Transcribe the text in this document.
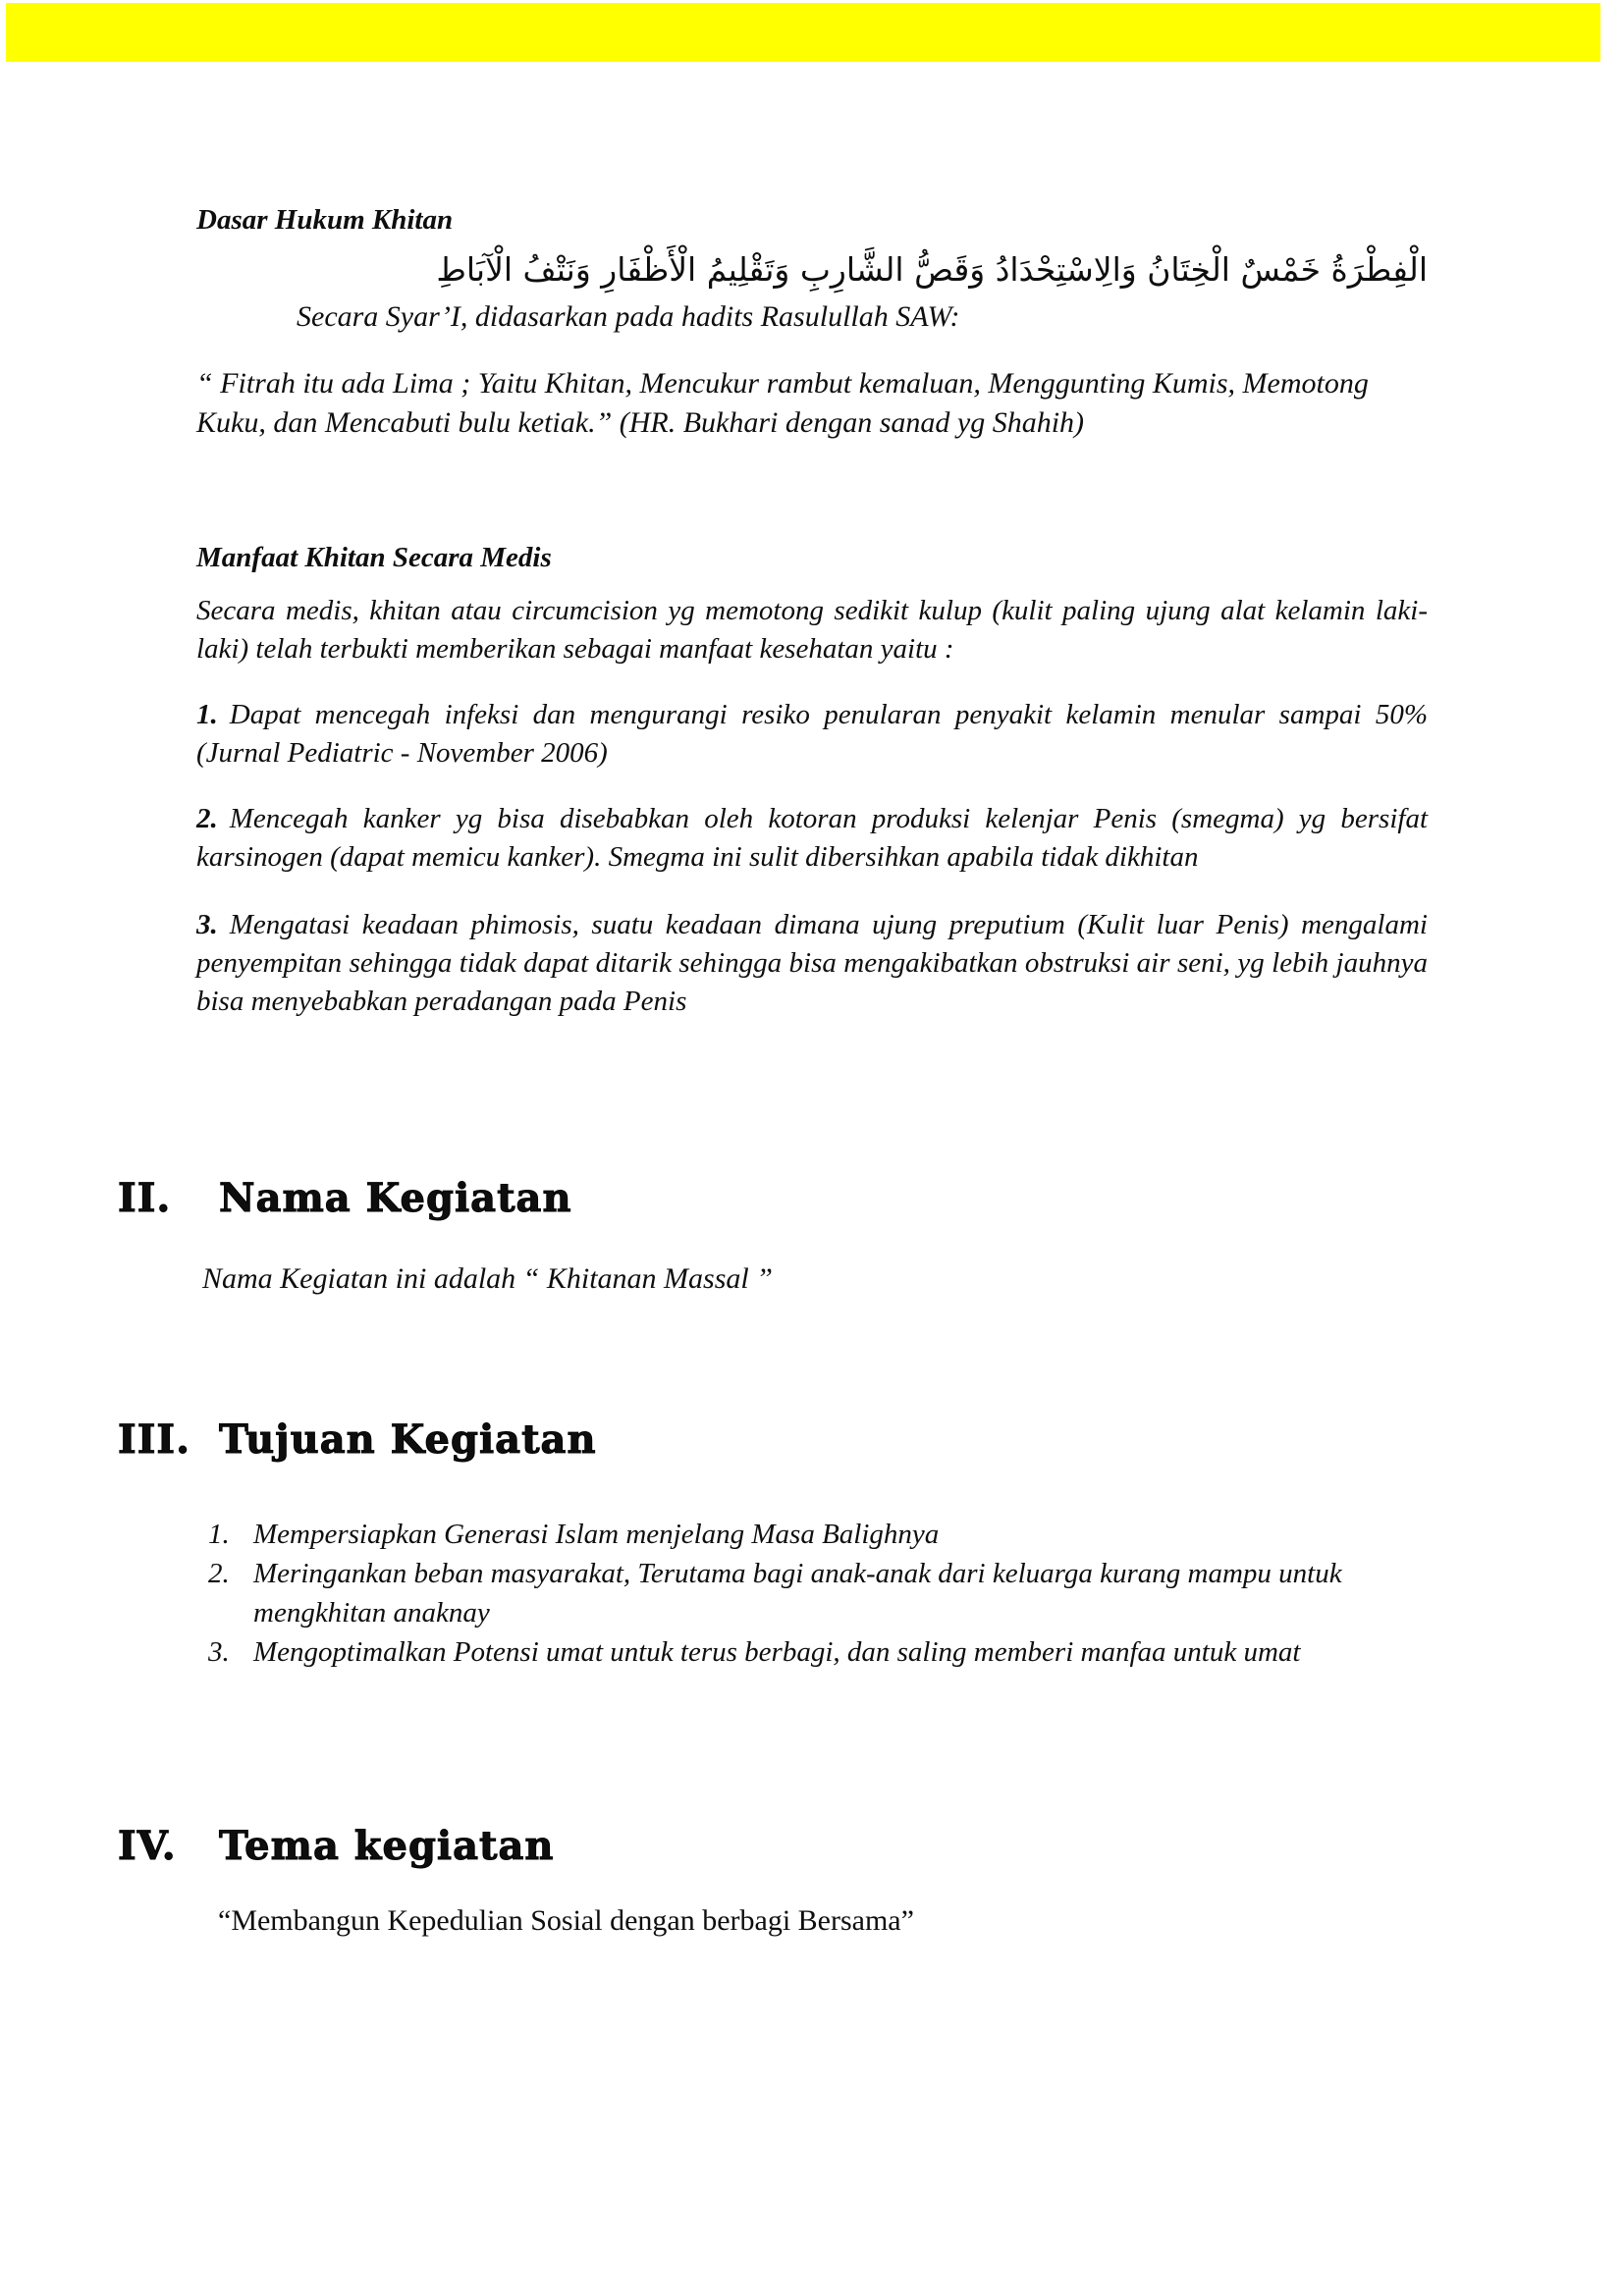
Dasar Hukum Khitan

الْفِطْرَةُ خَمْسٌ الْخِتَانُ وَالِاسْتِحْدَادُ وَقَصُّ الشَّارِبِ وَتَقْلِيمُ الْأَظْفَارِ وَنَتْفُ الْآبَاطِ

Secara Syar’I, didasarkan pada hadits Rasulullah SAW:

“ Fitrah itu ada Lima ; Yaitu Khitan, Mencukur rambut kemaluan, Menggunting Kumis, Memotong Kuku, dan Mencabuti bulu ketiak.” (HR. Bukhari dengan sanad yg Shahih)

Manfaat Khitan Secara Medis

Secara medis, khitan atau circumcision yg memotong sedikit kulup (kulit paling ujung alat kelamin laki-laki) telah terbukti memberikan sebagai manfaat kesehatan yaitu :

1. Dapat mencegah infeksi dan mengurangi resiko penularan penyakit kelamin menular sampai 50% (Jurnal Pediatric - November 2006)

2. Mencegah kanker yg bisa disebabkan oleh kotoran produksi kelenjar Penis (smegma) yg bersifat karsinogen (dapat memicu kanker). Smegma ini sulit dibersihkan apabila tidak dikhitan

3. Mengatasi keadaan phimosis, suatu keadaan dimana ujung preputium (Kulit luar Penis) mengalami penyempitan sehingga tidak dapat ditarik sehingga bisa mengakibatkan obstruksi air seni, yg lebih jauhnya bisa menyebabkan peradangan pada Penis

II. Nama Kegiatan

Nama Kegiatan ini adalah “ Khitanan Massal ”

III. Tujuan Kegiatan
1. Mempersiapkan Generasi Islam menjelang Masa Balighnya
2. Meringankan beban masyarakat, Terutama bagi anak-anak dari keluarga kurang mampu untuk mengkhitan anaknay
3. Mengoptimalkan Potensi umat untuk terus berbagi, dan saling memberi manfaa untuk umat
IV. Tema kegiatan

“Membangun Kepedulian Sosial dengan berbagi Bersama”
